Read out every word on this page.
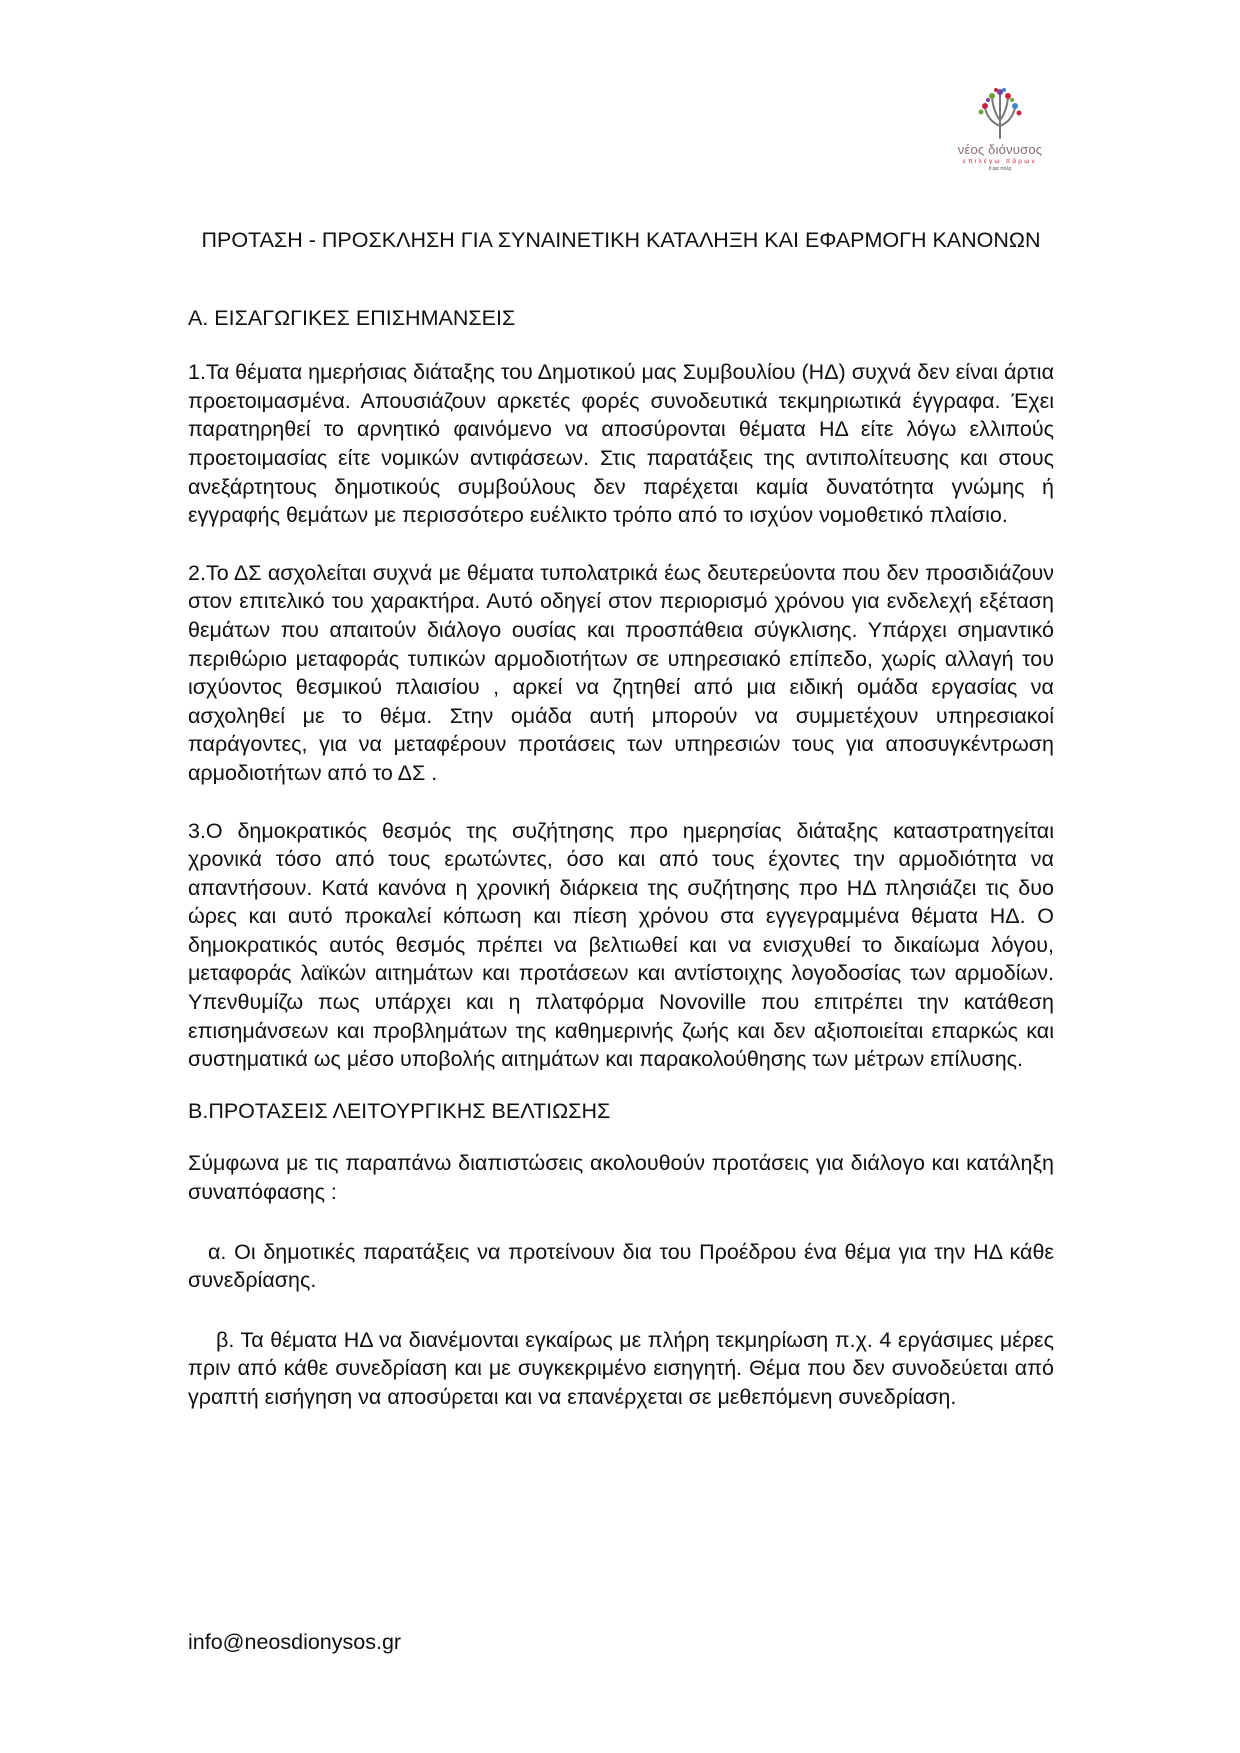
νέος διόνυσος
επιλέγω πάρων
θ φα πόλη
ΠΡΟΤΑΣΗ - ΠΡΟΣΚΛΗΣΗ ΓΙΑ ΣΥΝΑΙΝΕΤΙΚΗ ΚΑΤΑΛΗΞΗ ΚΑΙ ΕΦΑΡΜΟΓΗ ΚΑΝΟΝΩΝ
Α. ΕΙΣΑΓΩΓΙΚΕΣ ΕΠΙΣΗΜΑΝΣΕΙΣ

1.Τα θέματα ημερήσιας διάταξης του Δημοτικού μας Συμβουλίου (ΗΔ) συχνά δεν είναι άρτια προετοιμασμένα. Απουσιάζουν αρκετές φορές συνοδευτικά τεκμηριωτικά έγγραφα. Έχει παρατηρηθεί το αρνητικό φαινόμενο να αποσύρονται θέματα ΗΔ είτε λόγω ελλιπούς προετοιμασίας είτε νομικών αντιφάσεων. Στις παρατάξεις της αντιπολίτευσης και στους ανεξάρτητους δημοτικούς συμβούλους δεν παρέχεται καμία δυνατότητα γνώμης ή εγγραφής θεμάτων με περισσότερο ευέλικτο τρόπο από το ισχύον νομοθετικό πλαίσιο.

2.Το ΔΣ ασχολείται συχνά με θέματα τυπολατρικά έως δευτερεύοντα που δεν προσιδιάζουν στον επιτελικό του χαρακτήρα. Αυτό οδηγεί στον περιορισμό χρόνου για ενδελεχή εξέταση θεμάτων που απαιτούν διάλογο ουσίας και προσπάθεια σύγκλισης. Υπάρχει σημαντικό περιθώριο μεταφοράς τυπικών αρμοδιοτήτων σε υπηρεσιακό επίπεδο, χωρίς αλλαγή του ισχύοντος θεσμικού πλαισίου , αρκεί να ζητηθεί από μια ειδική ομάδα εργασίας να ασχοληθεί με το θέμα. Στην ομάδα αυτή μπορούν να συμμετέχουν υπηρεσιακοί παράγοντες, για να μεταφέρουν προτάσεις των υπηρεσιών τους για αποσυγκέντρωση αρμοδιοτήτων από το ΔΣ .

3.Ο δημοκρατικός θεσμός της συζήτησης προ ημερησίας διάταξης καταστρατηγείται χρονικά τόσο από τους ερωτώντες, όσο και από τους έχοντες την αρμοδιότητα να απαντήσουν. Κατά κανόνα η χρονική διάρκεια της συζήτησης προ ΗΔ πλησιάζει τις δυο ώρες και αυτό προκαλεί κόπωση και πίεση χρόνου στα εγγεγραμμένα θέματα ΗΔ. Ο δημοκρατικός αυτός θεσμός πρέπει να βελτιωθεί και να ενισχυθεί το δικαίωμα λόγου, μεταφοράς λαϊκών αιτημάτων και προτάσεων και αντίστοιχης λογοδοσίας των αρμοδίων. Υπενθυμίζω πως υπάρχει και η πλατφόρμα Novoville που επιτρέπει την κατάθεση επισημάνσεων και προβλημάτων της καθημερινής ζωής και δεν αξιοποιείται επαρκώς και συστηματικά ως μέσο υποβολής αιτημάτων και παρακολούθησης των μέτρων επίλυσης.

Β.ΠΡΟΤΑΣΕΙΣ ΛΕΙΤΟΥΡΓΙΚΗΣ ΒΕΛΤΙΩΣΗΣ

Σύμφωνα με τις παραπάνω διαπιστώσεις ακολουθούν προτάσεις για διάλογο και κατάληξη συναπόφασης :

α. Οι δημοτικές παρατάξεις να προτείνουν δια του Προέδρου ένα θέμα για την ΗΔ κάθε συνεδρίασης.

β. Τα θέματα ΗΔ να διανέμονται εγκαίρως με πλήρη τεκμηρίωση π.χ. 4 εργάσιμες μέρες πριν από κάθε συνεδρίαση και με συγκεκριμένο εισηγητή. Θέμα που δεν συνοδεύεται από γραπτή εισήγηση να αποσύρεται και να επανέρχεται σε μεθεπόμενη συνεδρίαση.

info@neosdionysos.gr
